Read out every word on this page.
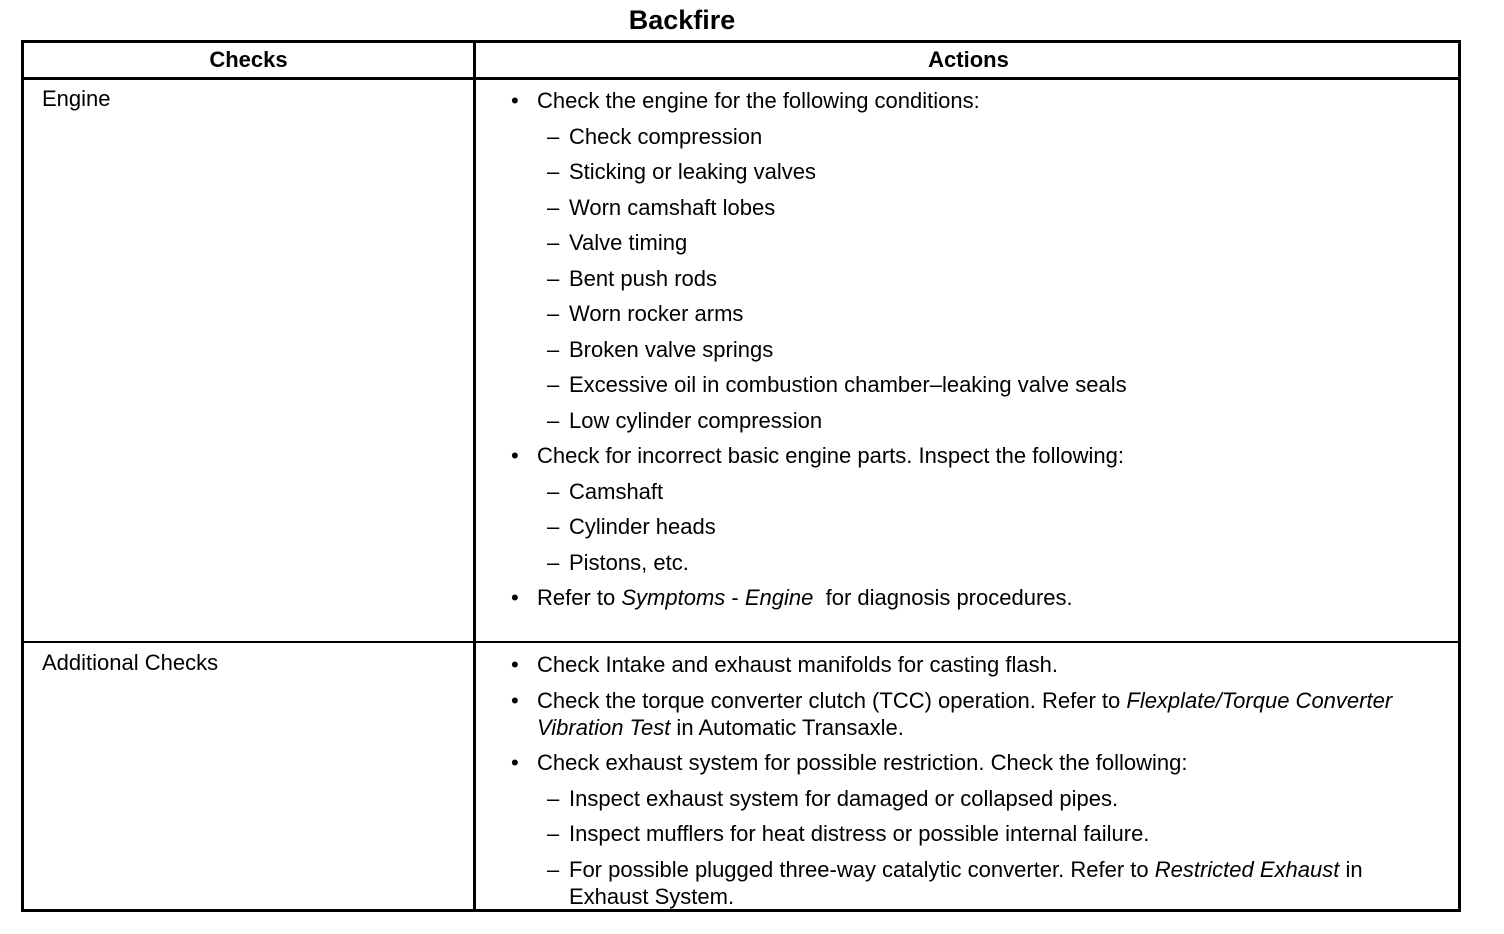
Backfire
Checks	Actions
Engine	• Check the engine for the following conditions:
– Check compression
– Sticking or leaking valves
– Worn camshaft lobes
– Valve timing
– Bent push rods
– Worn rocker arms
– Broken valve springs
– Excessive oil in combustion chamber–leaking valve seals
– Low cylinder compression
• Check for incorrect basic engine parts. Inspect the following:
– Camshaft
– Cylinder heads
– Pistons, etc.
• Refer to Symptoms - Engine  for diagnosis procedures.
Additional Checks	• Check Intake and exhaust manifolds for casting flash.
• Check the torque converter clutch (TCC) operation. Refer to Flexplate/Torque Converter Vibration Test in Automatic Transaxle.
• Check exhaust system for possible restriction. Check the following:
– Inspect exhaust system for damaged or collapsed pipes.
– Inspect mufflers for heat distress or possible internal failure.
– For possible plugged three-way catalytic converter. Refer to Restricted Exhaust in Exhaust System.
